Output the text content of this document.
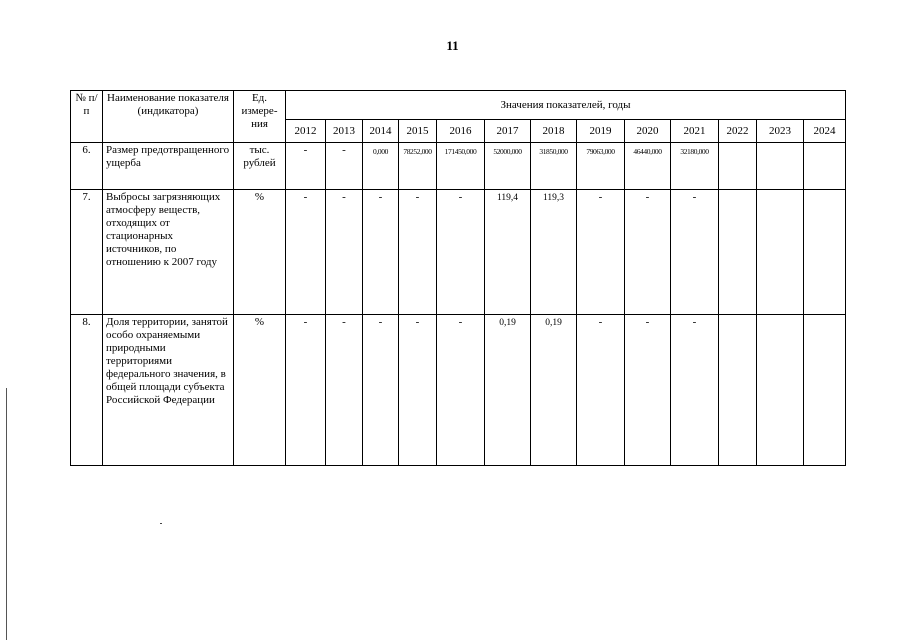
11
№ п/п	Наименование показателя (индикатора)	Ед. измере-ния	Значения показателей, годы												
			2012	2013	2014	2015	2016	2017	2018	2019	2020	2021	2022	2023	2024
6.	Размер предотвращенного ущерба	тыс. рублей	-	-	0,000	78252,000	171450,000	52000,000	31850,000	79063,000	46440,000	32180,000			
7.	Выбросы загрязняющих атмосферу веществ, отходящих от стационарных источников, по отношению к 2007 году	%	-	-	-	-	-	119,4	119,3	-	-	-			
8.	Доля территории, занятой особо охраняемыми природными территориями федерального значения, в общей площади субъекта Российской Федерации	%	-	-	-	-	-	0,19	0,19	-	-	-			
